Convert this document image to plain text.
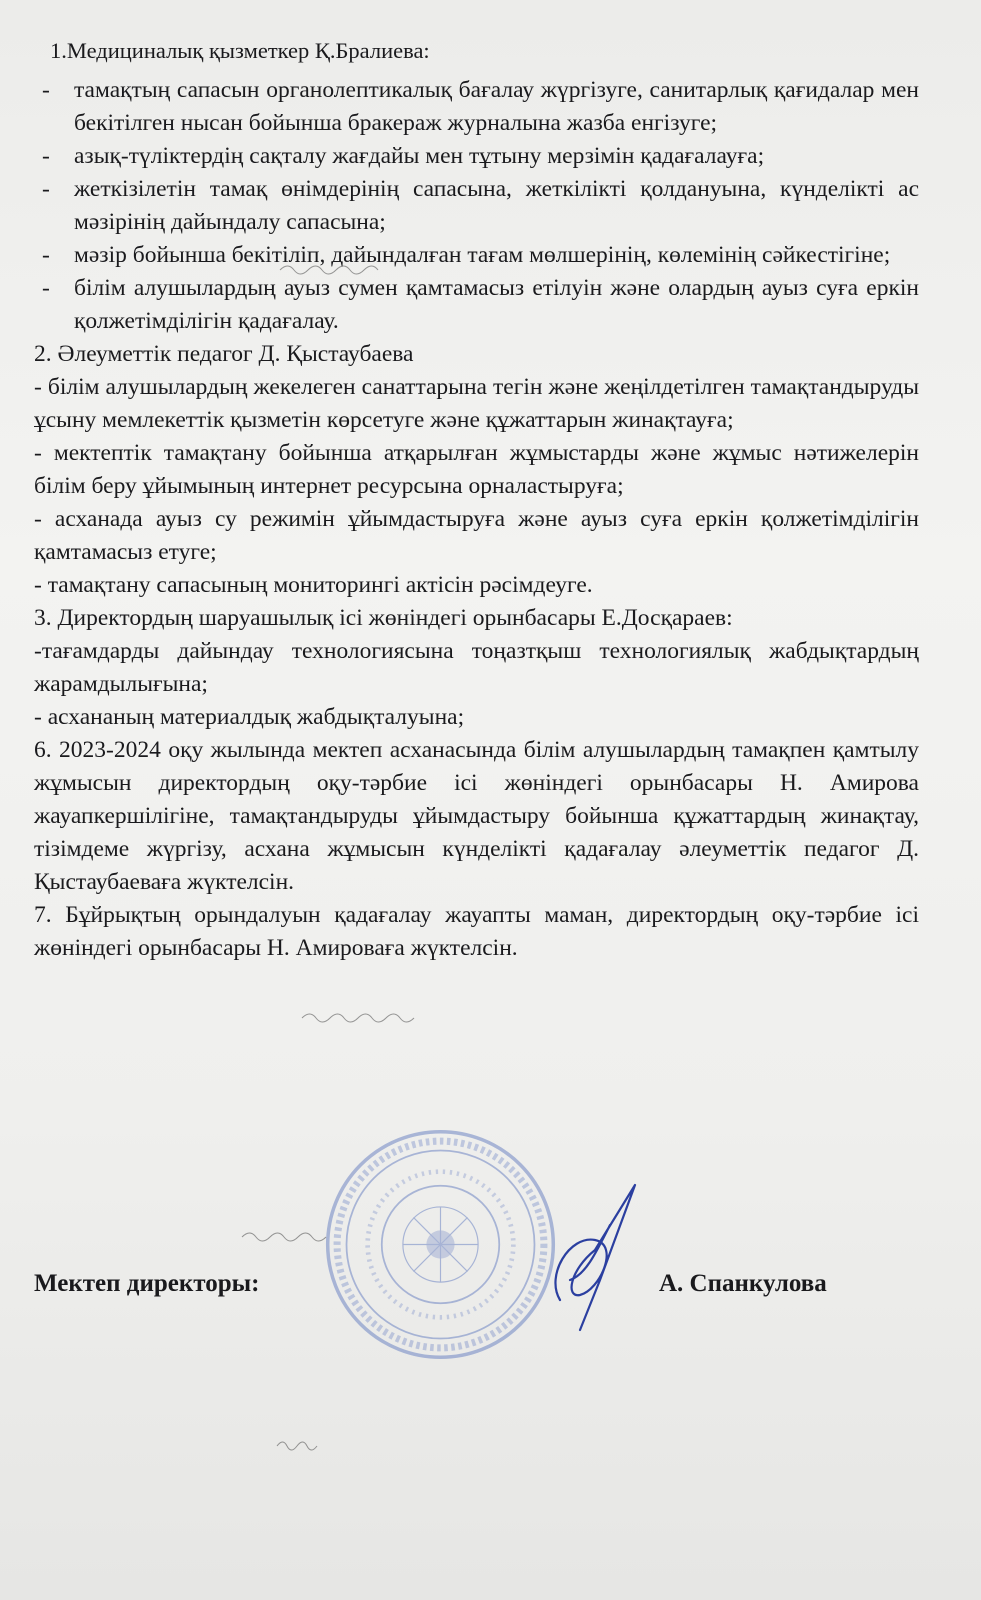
1.Медициналық қызметкер Қ.Бралиева:
- тамақтың сапасын органолептикалық бағалау жүргізуге, санитарлық қағидалар мен бекітілген нысан бойынша бракераж журналына жазба енгізуге;
- азық-түліктердің сақталу жағдайы мен тұтыну мерзімін қадағалауға;
- жеткізілетін тамақ өнімдерінің сапасына, жеткілікті қолдануына, күнделікті ас мәзірінің дайындалу сапасына;
- мәзір бойынша бекітіліп, дайындалған тағам мөлшерінің, көлемінің сәйкестігіне;
- білім алушылардың ауыз сумен қамтамасыз етілуін және олардың ауыз суға еркін қолжетімділігін қадағалау.
2. Әлеуметтік педагог Д. Қыстаубаева
- білім алушылардың жекелеген санаттарына тегін және жеңілдетілген тамақтандыруды ұсыну мемлекеттік қызметін көрсетуге және құжаттарын жинақтауға;
- мектептік тамақтану бойынша атқарылған жұмыстарды және жұмыс нәтижелерін білім беру ұйымының интернет ресурсына орналастыруға;
- асханада ауыз су режимін ұйымдастыруға және ауыз суға еркін қолжетімділігін қамтамасыз етуге;
- тамақтану сапасының мониторингі актісін рәсімдеуге.
3. Директордың шаруашылық ісі жөніндегі орынбасары Е.Досқараев:
-тағамдарды дайындау технологиясына тоңазтқыш технологиялық жабдықтардың жарамдылығына;
- асхананың материалдық жабдықталуына;
6. 2023-2024 оқу жылында мектеп асханасында білім алушылардың тамақпен қамтылу жұмысын директордың оқу-тәрбие ісі жөніндегі орынбасары Н. Амирова жауапкершілігіне, тамақтандыруды ұйымдастыру бойынша құжаттардың жинақтау, тізімдеме жүргізу, асхана жұмысын күнделікті қадағалау әлеуметтік педагог Д. Қыстаубаеваға жүктелсін.
7. Бұйрықтың орындалуын қадағалау жауапты маман, директордың оқу-тәрбие ісі жөніндегі орынбасары Н. Амироваға жүктелсін.
Мектеп директоры:	А. Спанкулова
